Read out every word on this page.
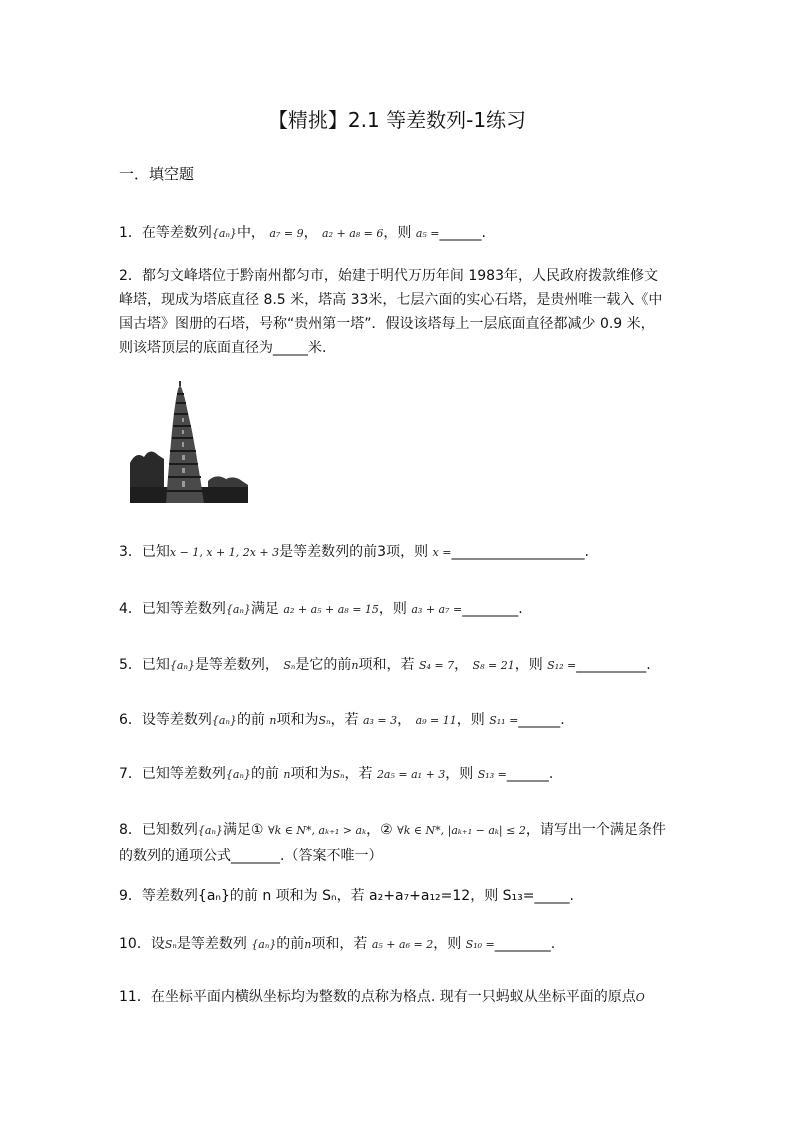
【精挑】2.1 等差数列-1练习
一．填空题
1．在等差数列{aₙ}中， a₇ = 9， a₂ + a₈ = 6，则 a₅ =______.
2．都匀文峰塔位于黔南州都匀市，始建于明代万历年间 1983年，人民政府拨款维修文
峰塔，现成为塔底直径 8.5 米，塔高 33米，七层六面的实心石塔，是贵州唯一载入《中
国古塔》图册的石塔，号称“贵州第一塔”．假设该塔每上一层底面直径都减少 0.9 米，
则该塔顶层的底面直径为_____米.
3．已知x − 1, x + 1, 2x + 3是等差数列的前3项，则 x =___________________.
4．已知等差数列{aₙ}满足 a₂ + a₅ + a₈ = 15，则 a₃ + a₇ =________.
5．已知{aₙ}是等差数列， Sₙ是它的前n项和，若 S₄ = 7， S₈ = 21，则 S₁₂ =__________.
6．设等差数列{aₙ}的前 n项和为Sₙ，若 a₃ = 3， a₉ = 11，则 S₁₁ =______.
7．已知等差数列{aₙ}的前 n项和为Sₙ，若 2a₅ = a₁ + 3，则 S₁₃ =______.
8．已知数列{aₙ}满足① ∀k ∈ N*, aₖ₊₁ > aₖ，② ∀k ∈ N*, |aₖ₊₁ − aₖ| ≤ 2，请写出一个满足条件
的数列的通项公式_______.（答案不唯一）
9．等差数列{aₙ}的前 n 项和为 Sₙ，若 a₂+a₇+a₁₂=12，则 S₁₃=_____.
10．设Sₙ是等差数列 {aₙ}的前n项和，若 a₅ + a₆ = 2，则 S₁₀ =________.
11．在坐标平面内横纵坐标均为整数的点称为格点. 现有一只蚂蚁从坐标平面的原点O
